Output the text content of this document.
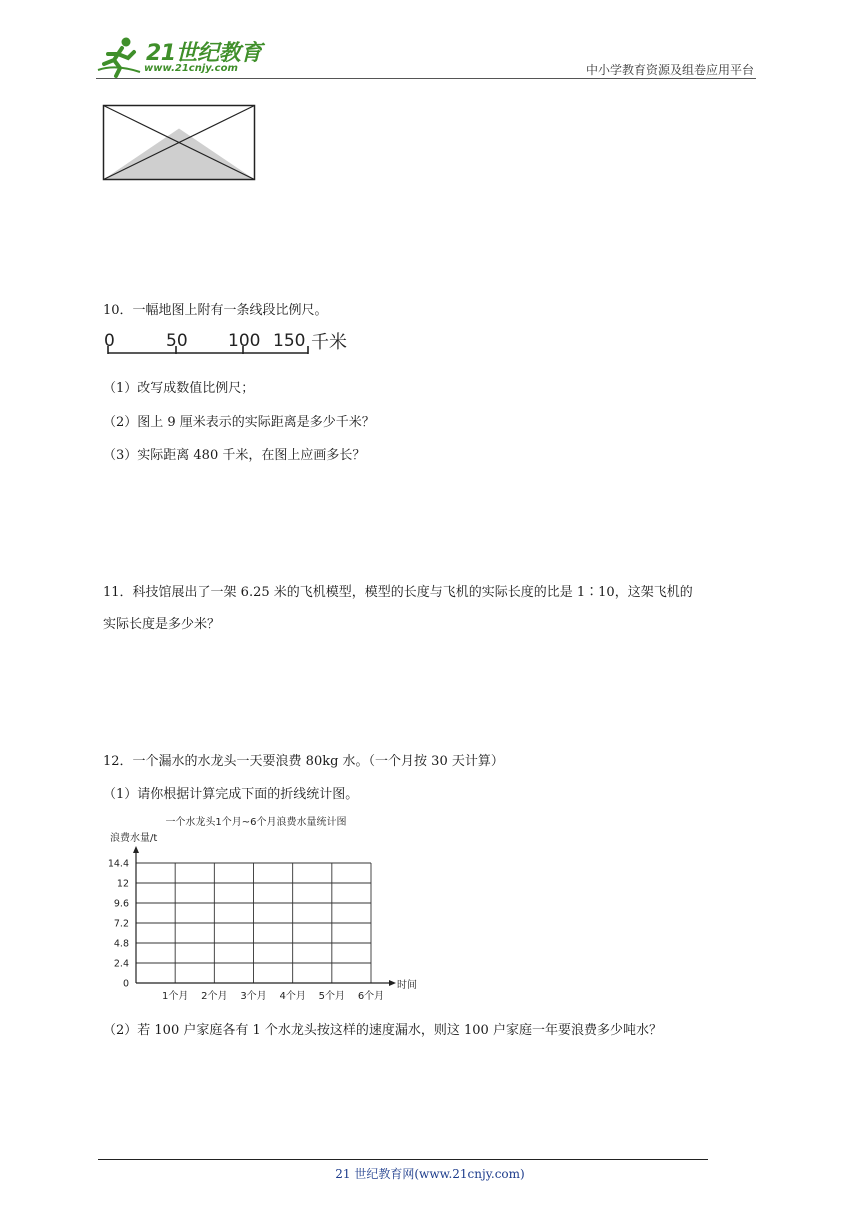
21世纪教育
www.21cnjy.com	中小学教育资源及组卷应用平台
10．一幅地图上附有一条线段比例尺。
0	50 100 150 千米
（1）改写成数值比例尺；
（2）图上 9 厘米表示的实际距离是多少千米？
（3）实际距离 480 千米，在图上应画多长？
11．科技馆展出了一架 6.25 米的飞机模型，模型的长度与飞机的实际长度的比是 1∶10，这架飞机的
实际长度是多少米？
12．一个漏水的水龙头一天要浪费 80kg 水。（一个月按 30 天计算）
（1）请你根据计算完成下面的折线统计图。
一个水龙头1个月~6个月浪费水量统计图
浪费水量/t
时间
0
2.4
4.8
7.2
9.6
12
14.4
1个月 2个月 3个月 4个月 5个月 6个月
（2）若 100 户家庭各有 1 个水龙头按这样的速度漏水，则这 100 户家庭一年要浪费多少吨水？
21 世纪教育网(www.21cnjy.com)
